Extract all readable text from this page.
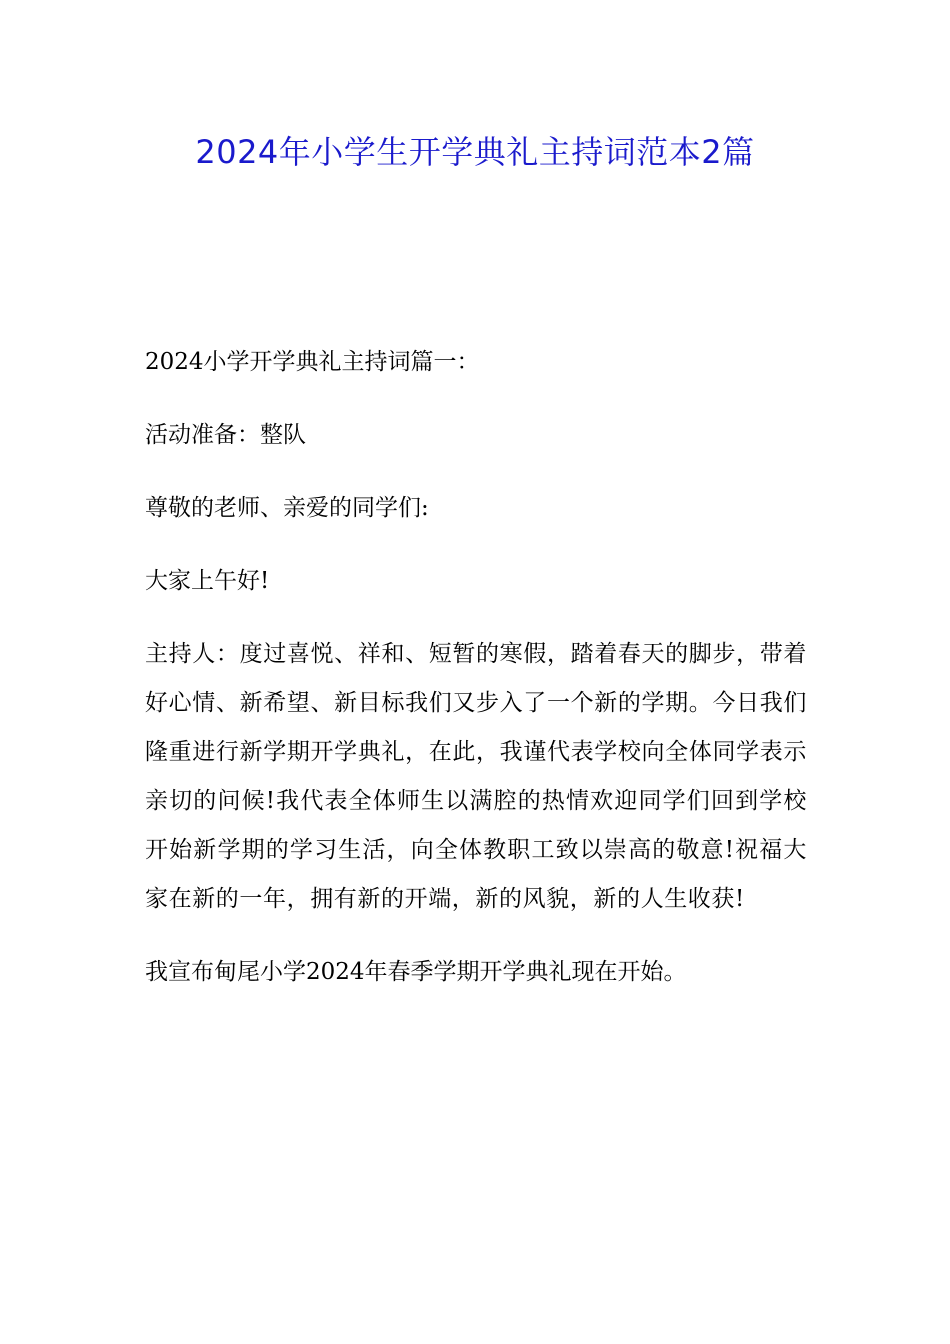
2024年小学生开学典礼主持词范本2篇

2024小学开学典礼主持词篇一：

活动准备：整队

尊敬的老师、亲爱的同学们:

大家上午好!

主持人：度过喜悦、祥和、短暂的寒假，踏着春天的脚步，带着好心情、新希望、新目标我们又步入了一个新的学期。今日我们隆重进行新学期开学典礼，在此，我谨代表学校向全体同学表示亲切的问候!我代表全体师生以满腔的热情欢迎同学们回到学校开始新学期的学习生活，向全体教职工致以崇高的敬意!祝福大家在新的一年，拥有新的开端，新的风貌，新的人生收获!

我宣布甸尾小学2024年春季学期开学典礼现在开始。
